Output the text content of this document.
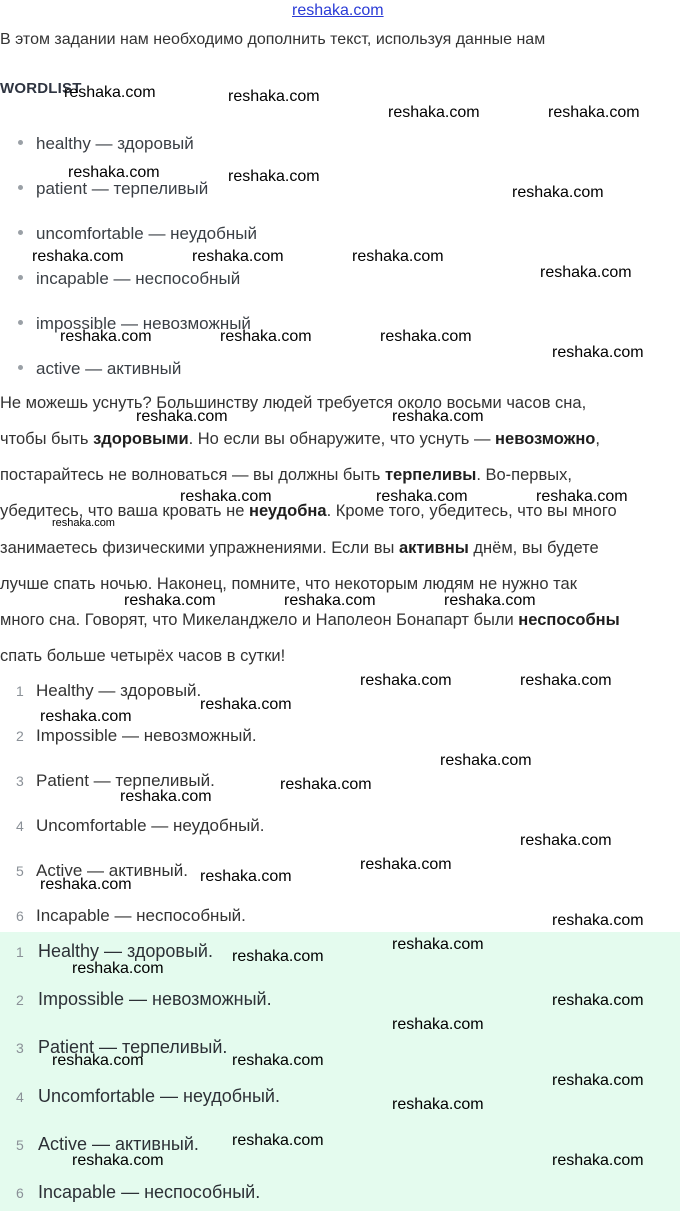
reshaka.com
В этом задании нам необходимо дополнить текст, используя данные нам
WORDLIST
healthy — здоровый
patient — терпеливый
uncomfortable — неудобный
incapable — неспособный
impossible — невозможный
active — активный
Не можешь уснуть? Большинству людей требуется около восьми часов сна,
чтобы быть здоровыми. Но если вы обнаружите, что уснуть — невозможно,
постарайтесь не волноваться — вы должны быть терпеливы. Во-первых,
убедитесь, что ваша кровать не неудобна. Кроме того, убедитесь, что вы много
занимаетесь физическими упражнениями. Если вы активны днём, вы будете
лучше спать ночью. Наконец, помните, что некоторым людям не нужно так
много сна. Говорят, что Микеланджело и Наполеон Бонапарт были неспособны
спать больше четырёх часов в сутки!
1 Healthy — здоровый.
2 Impossible — невозможный.
3 Patient — терпеливый.
4 Uncomfortable — неудобный.
5 Active — активный.
6 Incapable — неспособный.
1 Healthy — здоровый.
2 Impossible — невозможный.
3 Patient — терпеливый.
4 Uncomfortable — неудобный.
5 Active — активный.
6 Incapable — неспособный.
reshaka.com	reshaka.com
reshaka.com	reshaka.com
reshaka.com	reshaka.com
reshaka.com
reshaka.com	reshaka.com	reshaka.com
reshaka.com
reshaka.com	reshaka.com	reshaka.com
reshaka.com
reshaka.com	reshaka.com
reshaka.com	reshaka.com	reshaka.com
reshaka.com
reshaka.com	reshaka.com	reshaka.com
reshaka.com	reshaka.com
reshaka.com
reshaka.com
reshaka.com
reshaka.com
reshaka.com
reshaka.com
reshaka.com
reshaka.com
reshaka.com
reshaka.com
reshaka.com
reshaka.com
reshaka.com
reshaka.com
reshaka.com
reshaka.com
reshaka.com
reshaka.com
reshaka.com
reshaka.com
reshaka.com	reshaka.com
